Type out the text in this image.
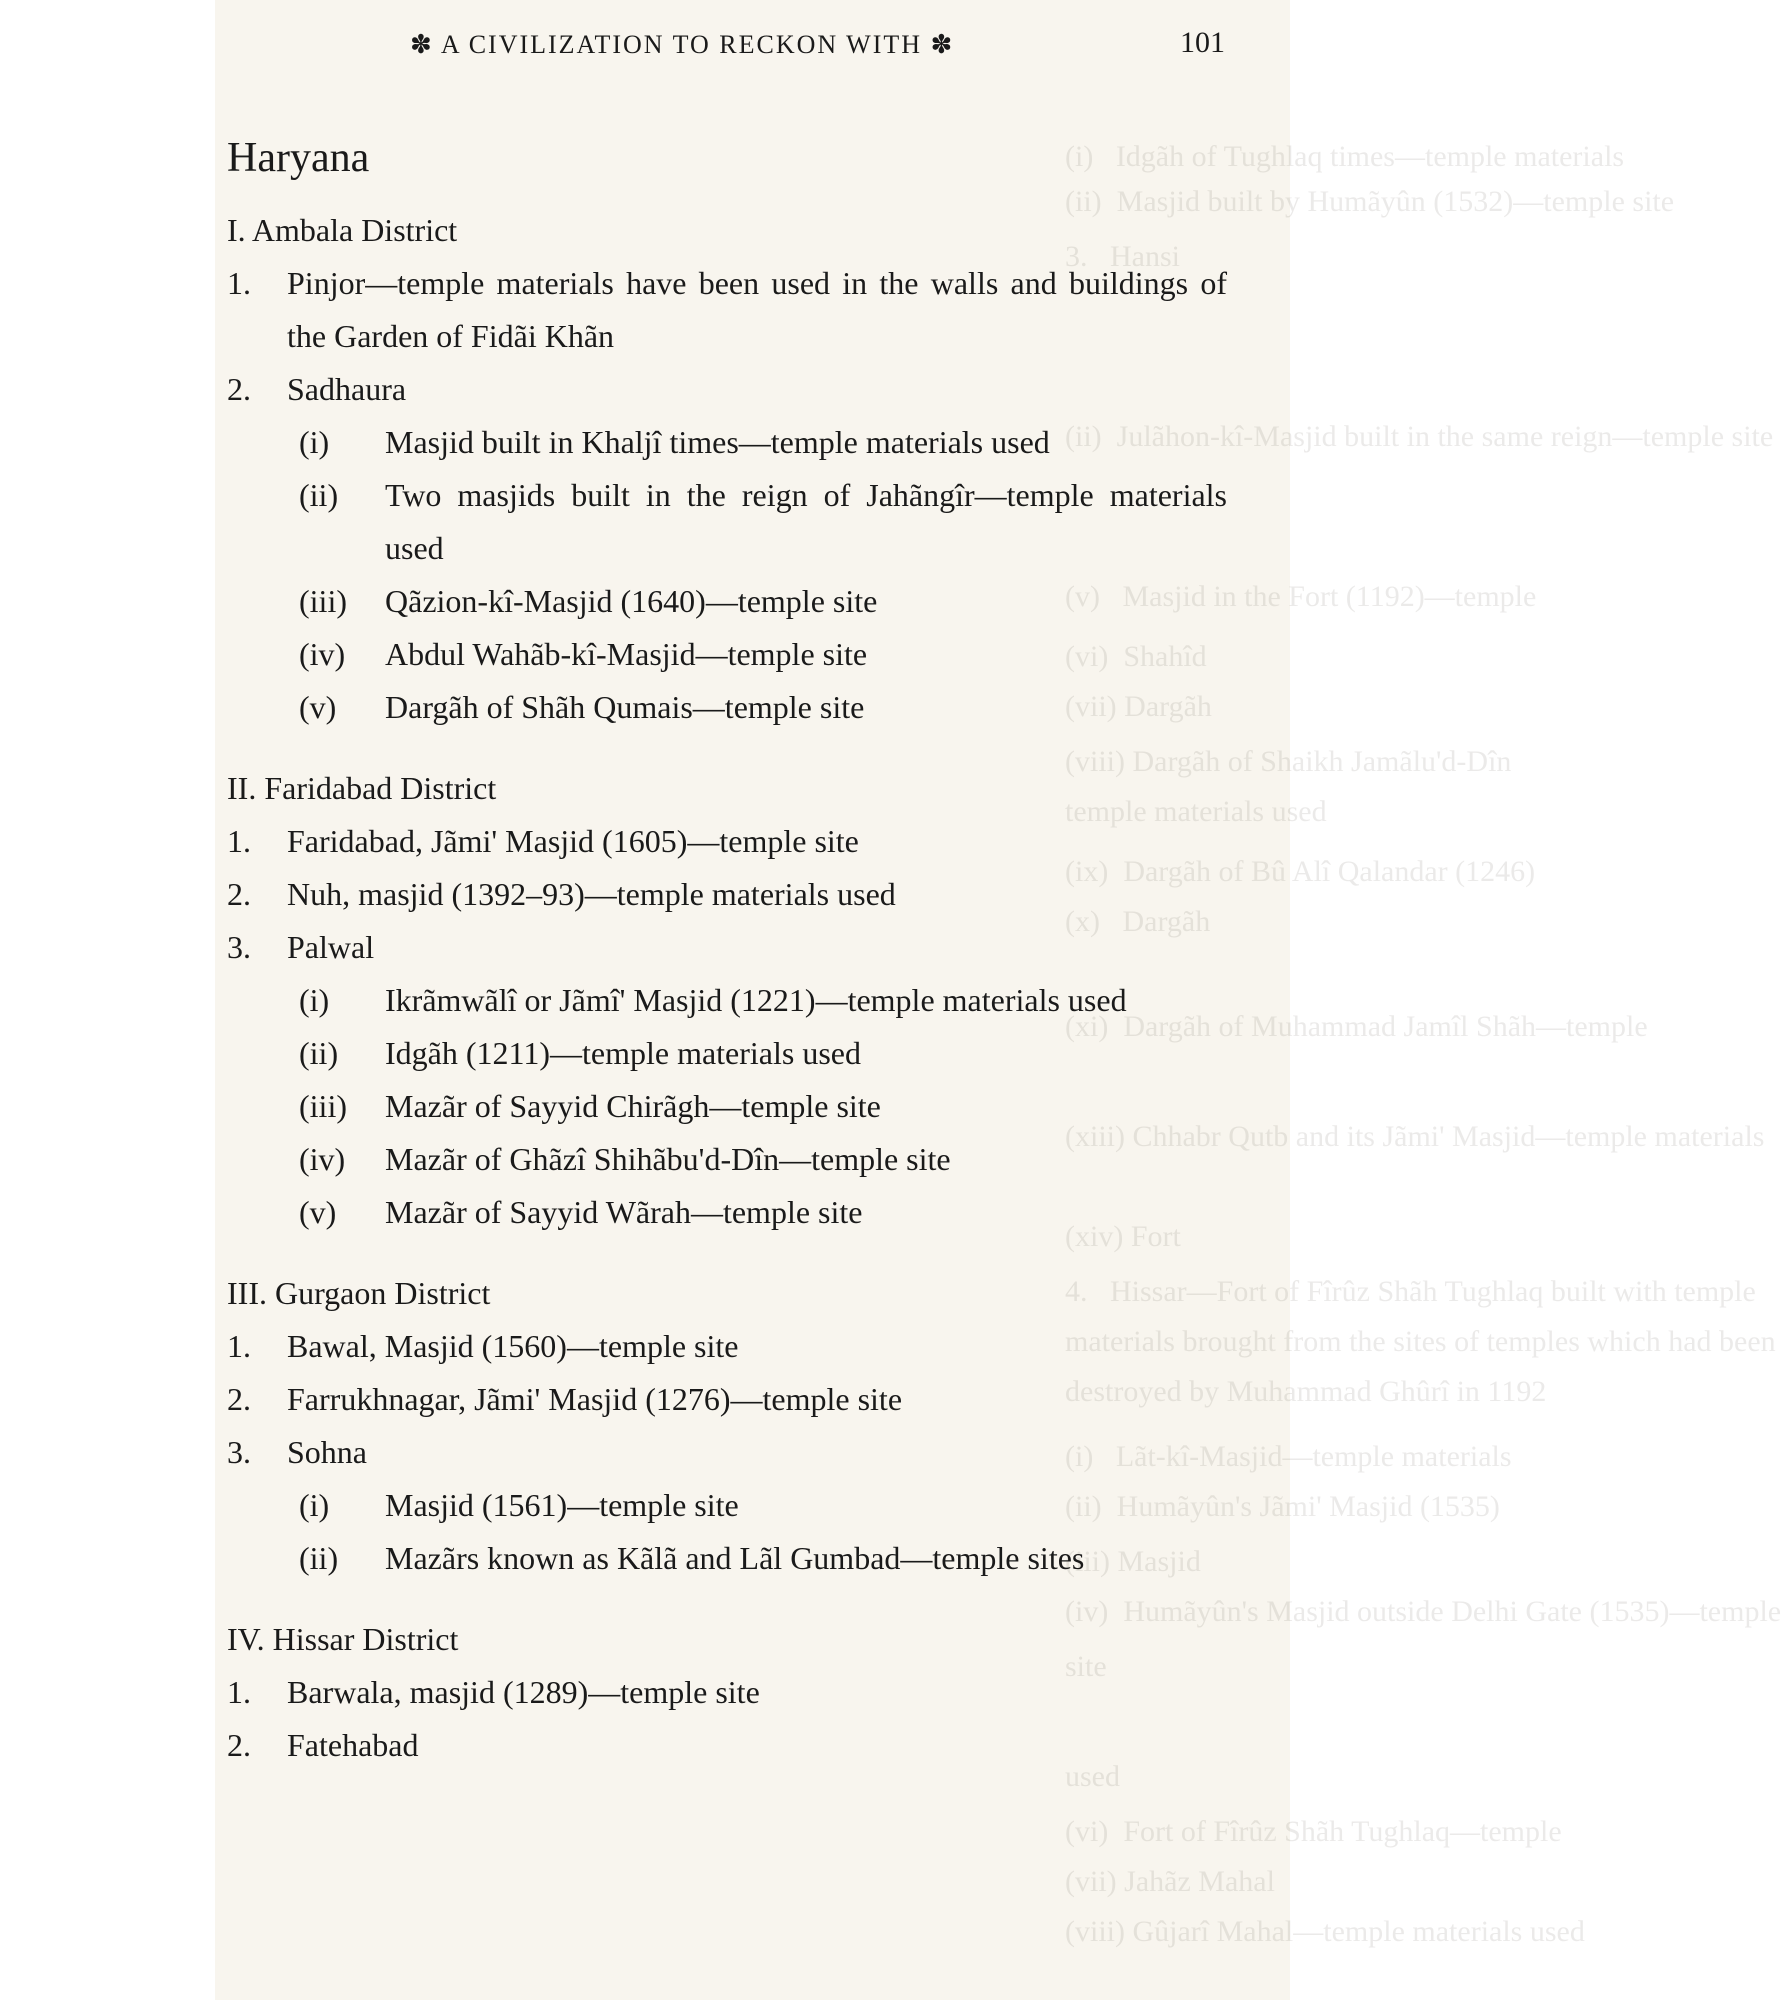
(i)   Idgãh of Tughlaq times—temple materials
(ii)  Masjid built by Humãyûn (1532)—temple site
3.   Hansi
(ii)  Julãhon-kî-Masjid built in the same reign—temple site
(v)   Masjid in the Fort (1192)—temple
(vi)  Shahîd
(vii) Dargãh
(viii) Dargãh of Shaikh Jamãlu'd-Dîn
temple materials used
(ix)  Dargãh of Bû Alî Qalandar (1246)
(x)   Dargãh
(xi)  Dargãh of Muhammad Jamîl Shãh—temple
(xiii) Chhabr Qutb and its Jãmi' Masjid—temple materials
(xiv) Fort
4.   Hissar—Fort of Fîrûz Shãh Tughlaq built with temple
materials brought from the sites of temples which had been
destroyed by Muhammad Ghûrî in 1192
(i)   Lãt-kî-Masjid—temple materials
(ii)  Humãyûn's Jãmi' Masjid (1535)
(iii) Masjid
(iv)  Humãyûn's Masjid outside Delhi Gate (1535)—temple
site
used
(vi)  Fort of Fîrûz Shãh Tughlaq—temple
(vii) Jahãz Mahal
(viii) Gûjarî Mahal—temple materials used
✽ A CIVILIZATION TO RECKON WITH ✽	101
Haryana
I. Ambala District
1.	Pinjor—temple materials have been used in the walls and buildings of the Garden of Fidãi Khãn
2.	Sadhaura
(i)	Masjid built in Khaljî times—temple materials used
(ii)	Two masjids built in the reign of Jahãngîr—temple materials used
(iii)	Qãzion-kî-Masjid (1640)—temple site
(iv)	Abdul Wahãb-kî-Masjid—temple site
(v)	Dargãh of Shãh Qumais—temple site
II. Faridabad District
1.	Faridabad, Jãmi' Masjid (1605)—temple site
2.	Nuh, masjid (1392–93)—temple materials used
3.	Palwal
(i)	Ikrãmwãlî or Jãmî' Masjid (1221)—temple materials used
(ii)	Idgãh (1211)—temple materials used
(iii)	Mazãr of Sayyid Chirãgh—temple site
(iv)	Mazãr of Ghãzî Shihãbu'd-Dîn—temple site
(v)	Mazãr of Sayyid Wãrah—temple site
III. Gurgaon District
1.	Bawal, Masjid (1560)—temple site
2.	Farrukhnagar, Jãmi' Masjid (1276)—temple site
3.	Sohna
(i)	Masjid (1561)—temple site
(ii)	Mazãrs known as Kãlã and Lãl Gumbad—temple sites
IV. Hissar District
1.	Barwala, masjid (1289)—temple site
2.	Fatehabad
